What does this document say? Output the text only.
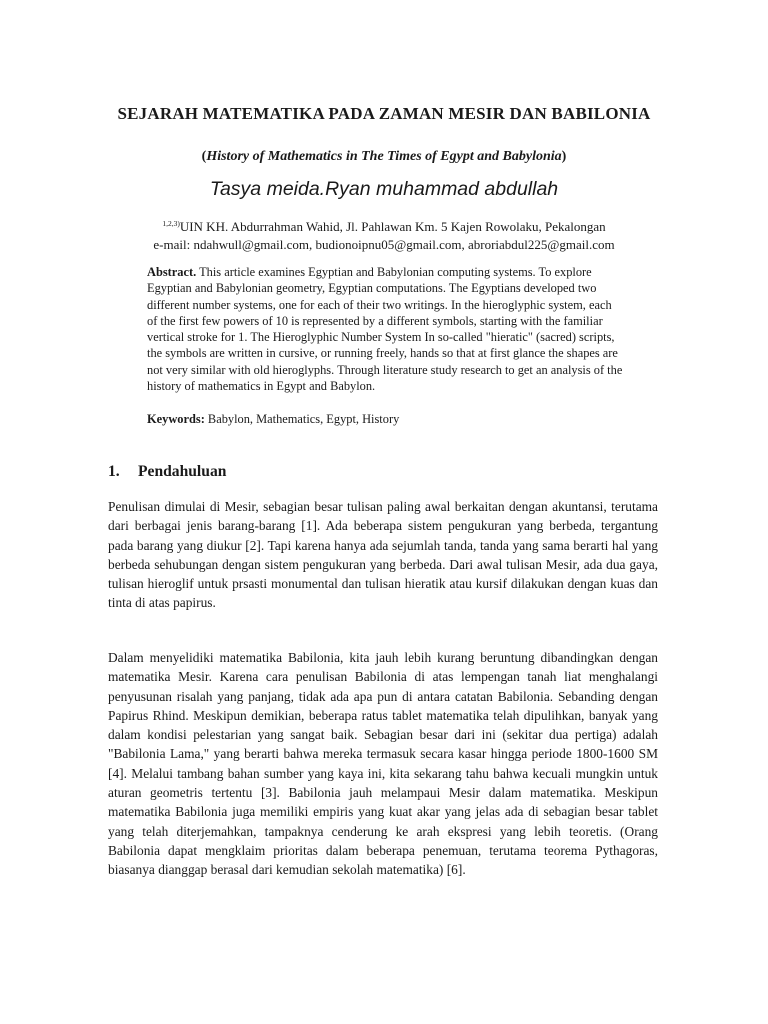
SEJARAH MATEMATIKA PADA ZAMAN MESIR DAN BABILONIA
(History of Mathematics in The Times of Egypt and Babylonia)
Tasya meida.Ryan muhammad abdullah
$^{1,2,3)}$UIN KH. Abdurrahman Wahid, Jl. Pahlawan Km. 5 Kajen Rowolaku, Pekalongan
e-mail: ndahwull@gmail.com, budionoipnu05@gmail.com, abroriabdul225@gmail.com
Abstract. This article examines Egyptian and Babylonian computing systems. To explore Egyptian and Babylonian geometry, Egyptian computations. The Egyptians developed two different number systems, one for each of their two writings. In the hieroglyphic system, each of the first few powers of 10 is represented by a different symbols, starting with the familiar vertical stroke for 1. The Hieroglyphic Number System In so-called "hieratic" (sacred) scripts, the symbols are written in cursive, or running freely, hands so that at first glance the shapes are not very similar with old hieroglyphs. Through literature study research to get an analysis of the history of mathematics in Egypt and Babylon.
Keywords: Babylon, Mathematics, Egypt, History
1. Pendahuluan
Penulisan dimulai di Mesir, sebagian besar tulisan paling awal berkaitan dengan akuntansi, terutama dari berbagai jenis barang-barang [1]. Ada beberapa sistem pengukuran yang berbeda, tergantung pada barang yang diukur [2]. Tapi karena hanya ada sejumlah tanda, tanda yang sama berarti hal yang berbeda sehubungan dengan sistem pengukuran yang berbeda. Dari awal tulisan Mesir, ada dua gaya, tulisan hieroglif untuk prsasti monumental dan tulisan hieratik atau kursif dilakukan dengan kuas dan tinta di atas papirus.
Dalam menyelidiki matematika Babilonia, kita jauh lebih kurang beruntung dibandingkan dengan matematika Mesir. Karena cara penulisan Babilonia di atas lempengan tanah liat menghalangi penyusunan risalah yang panjang, tidak ada apa pun di antara catatan Babilonia. Sebanding dengan Papirus Rhind. Meskipun demikian, beberapa ratus tablet matematika telah dipulihkan, banyak yang dalam kondisi pelestarian yang sangat baik. Sebagian besar dari ini (sekitar dua pertiga) adalah "Babilonia Lama," yang berarti bahwa mereka termasuk secara kasar hingga periode 1800-1600 SM [4]. Melalui tambang bahan sumber yang kaya ini, kita sekarang tahu bahwa kecuali mungkin untuk aturan geometris tertentu [3]. Babilonia jauh melampaui Mesir dalam matematika. Meskipun matematika Babilonia juga memiliki empiris yang kuat akar yang jelas ada di sebagian besar tablet yang telah diterjemahkan, tampaknya cenderung ke arah ekspresi yang lebih teoretis. (Orang Babilonia dapat mengklaim prioritas dalam beberapa penemuan, terutama teorema Pythagoras, biasanya dianggap berasal dari kemudian sekolah matematika) [6].
